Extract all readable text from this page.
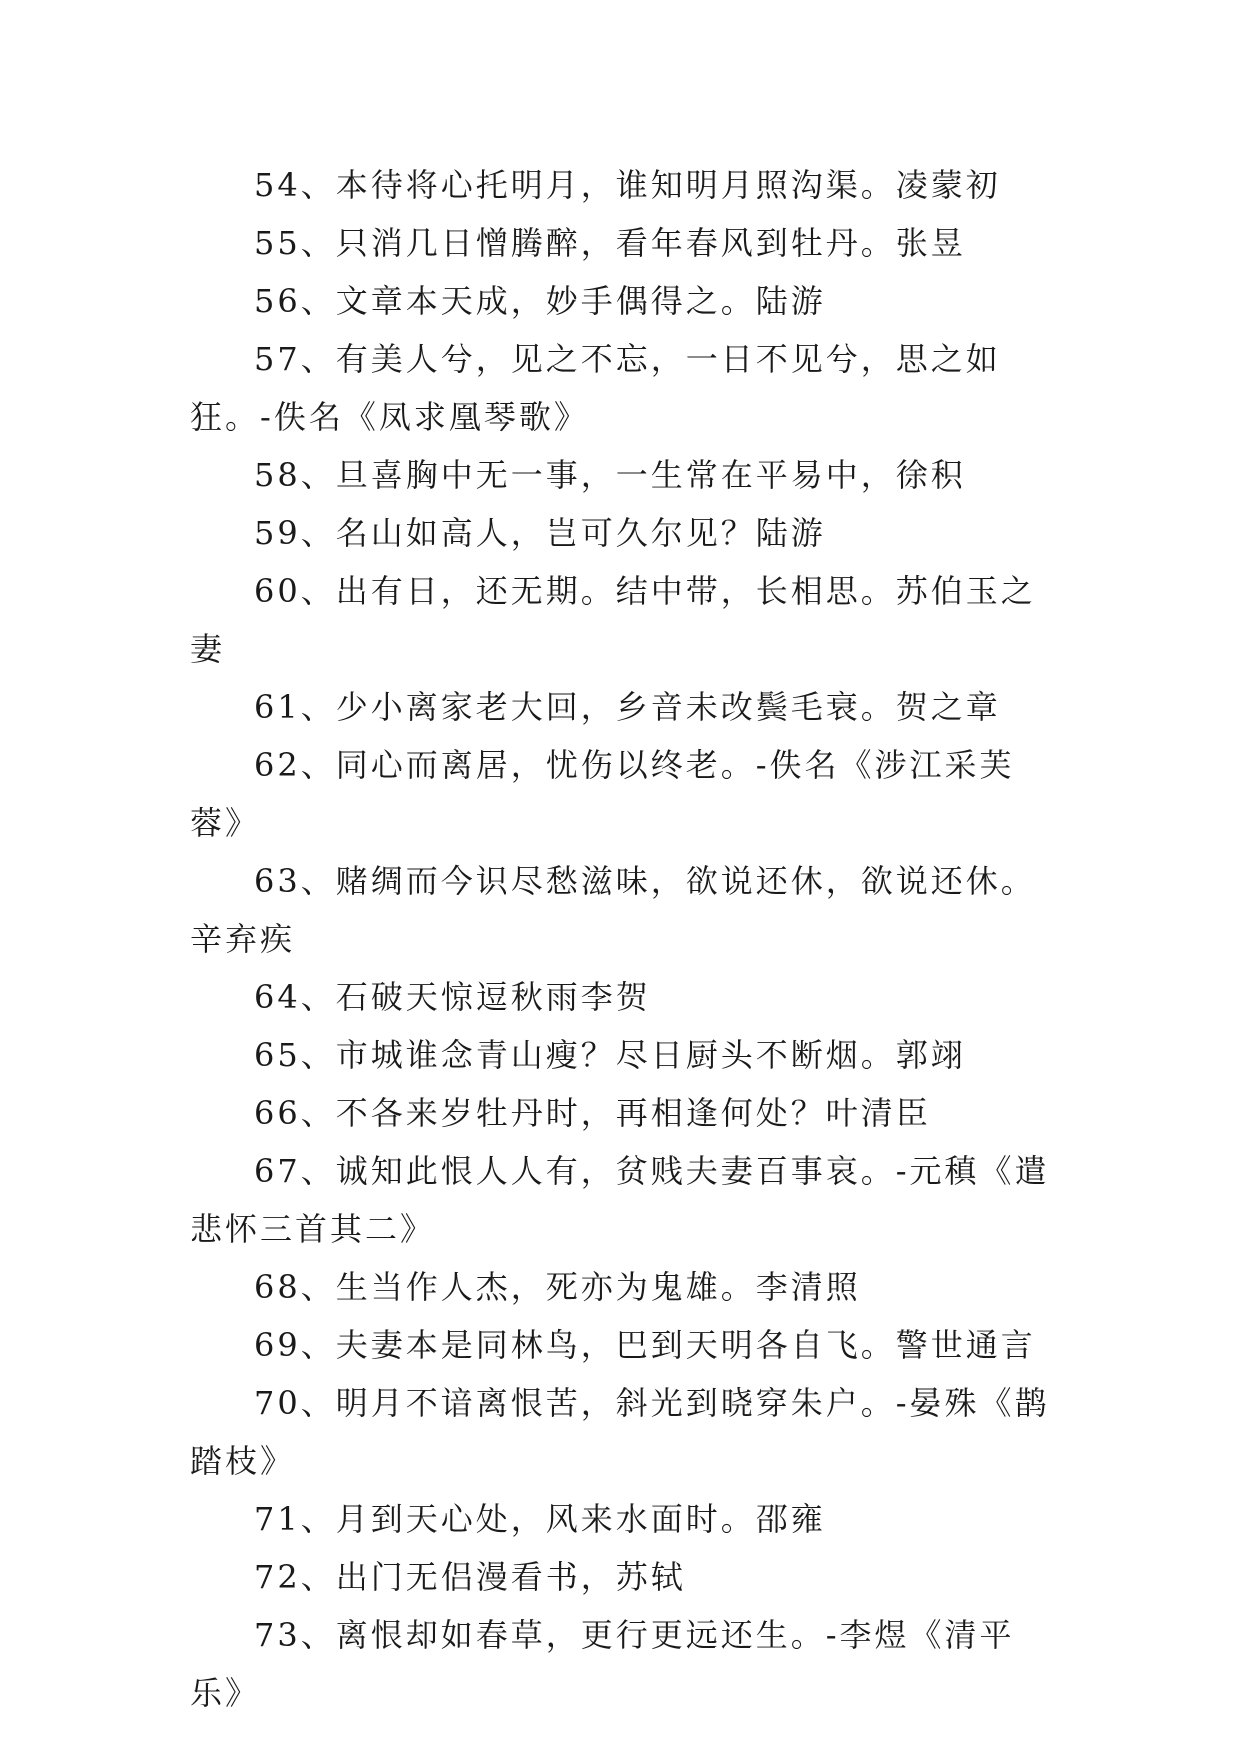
54、本待将心托明月，谁知明月照沟渠。凌蒙初

55、只消几日憎腾醉，看年春风到牡丹。张昱

56、文章本天成，妙手偶得之。陆游

57、有美人兮，见之不忘，一日不见兮，思之如狂。-佚名《凤求凰琴歌》

58、旦喜胸中无一事，一生常在平易中，徐积

59、名山如高人，岂可久尔见？陆游

60、出有日，还无期。结中带，长相思。苏伯玉之妻

61、少小离家老大回，乡音未改鬓毛衰。贺之章

62、同心而离居，忧伤以终老。-佚名《涉江采芙蓉》

63、赌绸而今识尽愁滋味，欲说还休，欲说还休。辛弃疾

64、石破天惊逗秋雨李贺

65、市城谁念青山瘦？尽日厨头不断烟。郭翊

66、不各来岁牡丹时，再相逢何处？叶清臣

67、诚知此恨人人有，贫贱夫妻百事哀。-元稹《遣悲怀三首其二》

68、生当作人杰，死亦为鬼雄。李清照

69、夫妻本是同林鸟，巴到天明各自飞。警世通言

70、明月不谙离恨苦，斜光到晓穿朱户。-晏殊《鹊踏枝》

71、月到天心处，风来水面时。邵雍

72、出门无侣漫看书，苏轼

73、离恨却如春草，更行更远还生。-李煜《清平乐》
